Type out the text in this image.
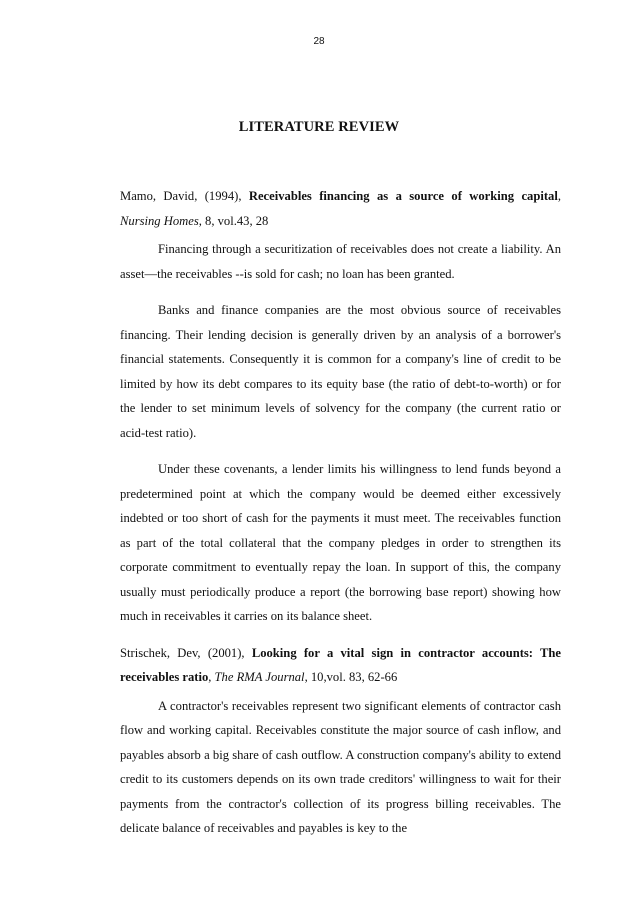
28
LITERATURE REVIEW

Mamo, David, (1994), Receivables financing as a source of working capital, Nursing Homes, 8, vol.43, 28

Financing through a securitization of receivables does not create a liability. An asset—the receivables --is sold for cash; no loan has been granted.

Banks and finance companies are the most obvious source of receivables financing. Their lending decision is generally driven by an analysis of a borrower's financial statements. Consequently it is common for a company's line of credit to be limited by how its debt compares to its equity base (the ratio of debt-to-worth) or for the lender to set minimum levels of solvency for the company (the current ratio or acid-test ratio).

Under these covenants, a lender limits his willingness to lend funds beyond a predetermined point at which the company would be deemed either excessively indebted or too short of cash for the payments it must meet. The receivables function as part of the total collateral that the company pledges in order to strengthen its corporate commitment to eventually repay the loan. In support of this, the company usually must periodically produce a report (the borrowing base report) showing how much in receivables it carries on its balance sheet.

Strischek, Dev, (2001), Looking for a vital sign in contractor accounts: The receivables ratio, The RMA Journal, 10,vol. 83, 62-66

A contractor's receivables represent two significant elements of contractor cash flow and working capital. Receivables constitute the major source of cash inflow, and payables absorb a big share of cash outflow. A construction company's ability to extend credit to its customers depends on its own trade creditors' willingness to wait for their payments from the contractor's collection of its progress billing receivables. The delicate balance of receivables and payables is key to the
